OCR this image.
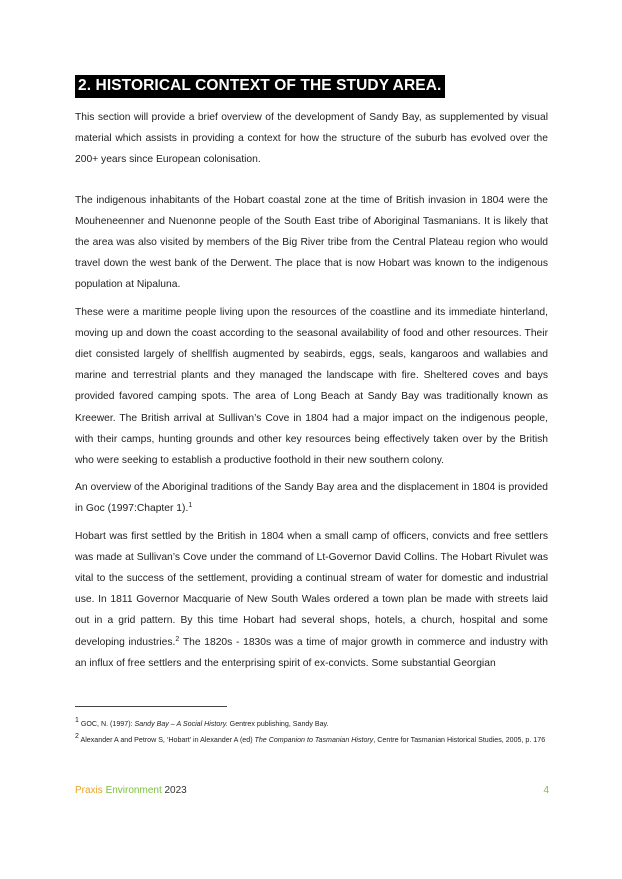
2. HISTORICAL CONTEXT OF THE STUDY AREA.

This section will provide a brief overview of the development of Sandy Bay, as supplemented by visual material which assists in providing a context for how the structure of the suburb has evolved over the 200+ years since European colonisation.

The indigenous inhabitants of the Hobart coastal zone at the time of British invasion in 1804 were the Mouheneenner and Nuenonne people of the South East tribe of Aboriginal Tasmanians. It is likely that the area was also visited by members of the Big River tribe from the Central Plateau region who would travel down the west bank of the Derwent. The place that is now Hobart was known to the indigenous population at Nipaluna.

These were a maritime people living upon the resources of the coastline and its immediate hinterland, moving up and down the coast according to the seasonal availability of food and other resources. Their diet consisted largely of shellfish augmented by seabirds, eggs, seals, kangaroos and wallabies and marine and terrestrial plants and they managed the landscape with fire. Sheltered coves and bays provided favored camping spots. The area of Long Beach at Sandy Bay was traditionally known as Kreewer. The British arrival at Sullivan’s Cove in 1804 had a major impact on the indigenous people, with their camps, hunting grounds and other key resources being effectively taken over by the British who were seeking to establish a productive foothold in their new southern colony.

An overview of the Aboriginal traditions of the Sandy Bay area and the displacement in 1804 is provided in Goc (1997:Chapter 1).$^1$

Hobart was first settled by the British in 1804 when a small camp of officers, convicts and free settlers was made at Sullivan’s Cove under the command of Lt-Governor David Collins. The Hobart Rivulet was vital to the success of the settlement, providing a continual stream of water for domestic and industrial use. In 1811 Governor Macquarie of New South Wales ordered a town plan be made with streets laid out in a grid pattern. By this time Hobart had several shops, hotels, a church, hospital and some developing industries.$^2$ The 1820s - 1830s was a time of major growth in commerce and industry with an influx of free settlers and the enterprising spirit of ex-convicts. Some substantial Georgian

$^1$ GOC, N. (1997): Sandy Bay – A Social History. Gentrex publishing, Sandy Bay.

$^2$ Alexander A and Petrow S, ‘Hobart’ in Alexander A (ed) The Companion to Tasmanian History, Centre for Tasmanian Historical Studies, 2005, p. 176

Praxis Environment 2023	4
